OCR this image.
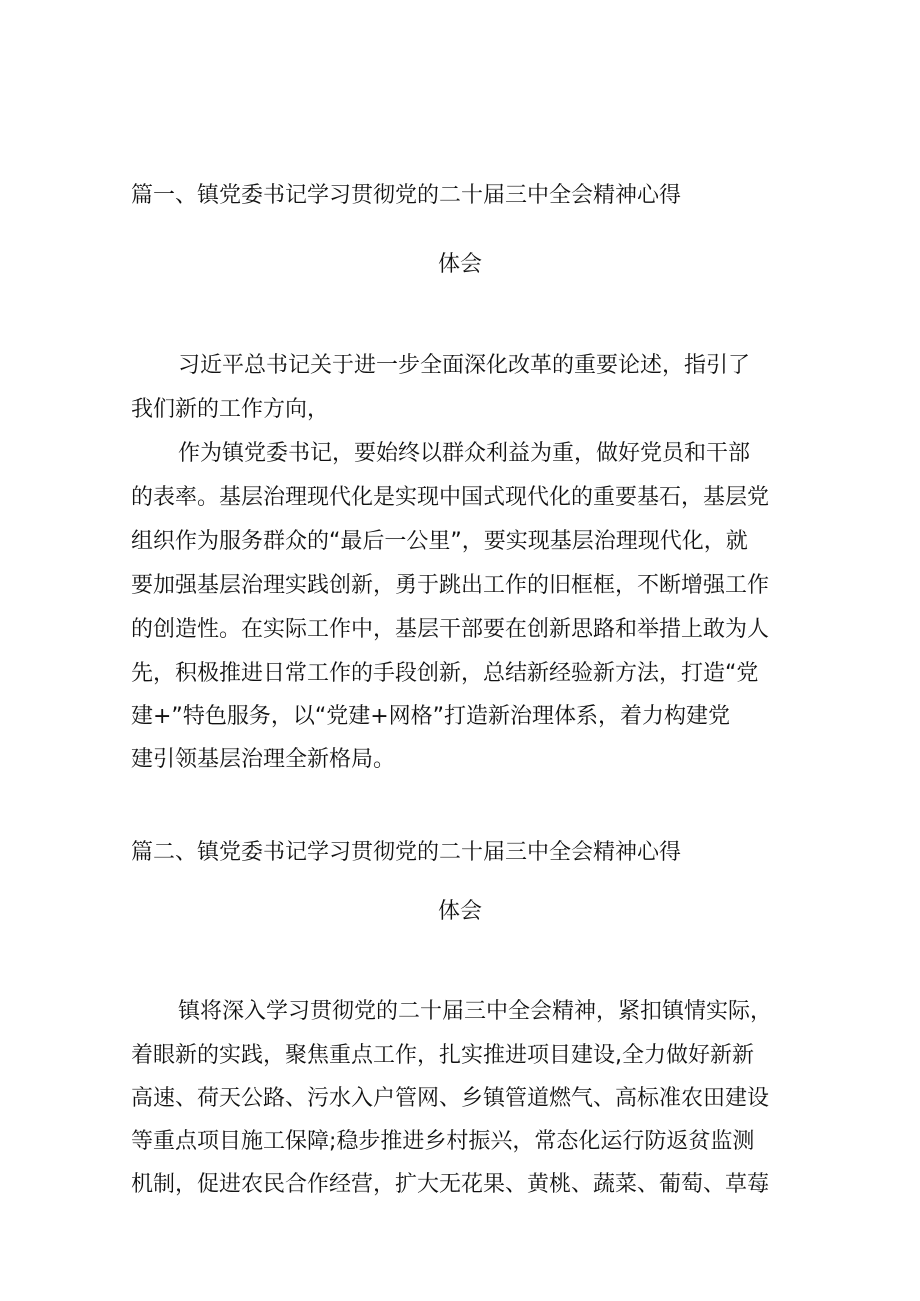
篇一、镇党委书记学习贯彻党的二十届三中全会精神心得
体会
习近平总书记关于进一步全面深化改革的重要论述，指引了
我们新的工作方向，
作为镇党委书记，要始终以群众利益为重，做好党员和干部
的表率。基层治理现代化是实现中国式现代化的重要基石，基层党
组织作为服务群众的“最后一公里”，要实现基层治理现代化，就
要加强基层治理实践创新，勇于跳出工作的旧框框，不断增强工作
的创造性。在实际工作中，基层干部要在创新思路和举措上敢为人
先，积极推进日常工作的手段创新，总结新经验新方法，打造“党
建+”特色服务，以“党建+网格”打造新治理体系，着力构建党
建引领基层治理全新格局。
篇二、镇党委书记学习贯彻党的二十届三中全会精神心得
体会
镇将深入学习贯彻党的二十届三中全会精神，紧扣镇情实际，
着眼新的实践，聚焦重点工作，扎实推进项目建设,全力做好新新
高速、荷天公路、污水入户管网、乡镇管道燃气、高标准农田建设
等重点项目施工保障;稳步推进乡村振兴，常态化运行防返贫监测
机制，促进农民合作经营，扩大无花果、黄桃、蔬菜、葡萄、草莓
